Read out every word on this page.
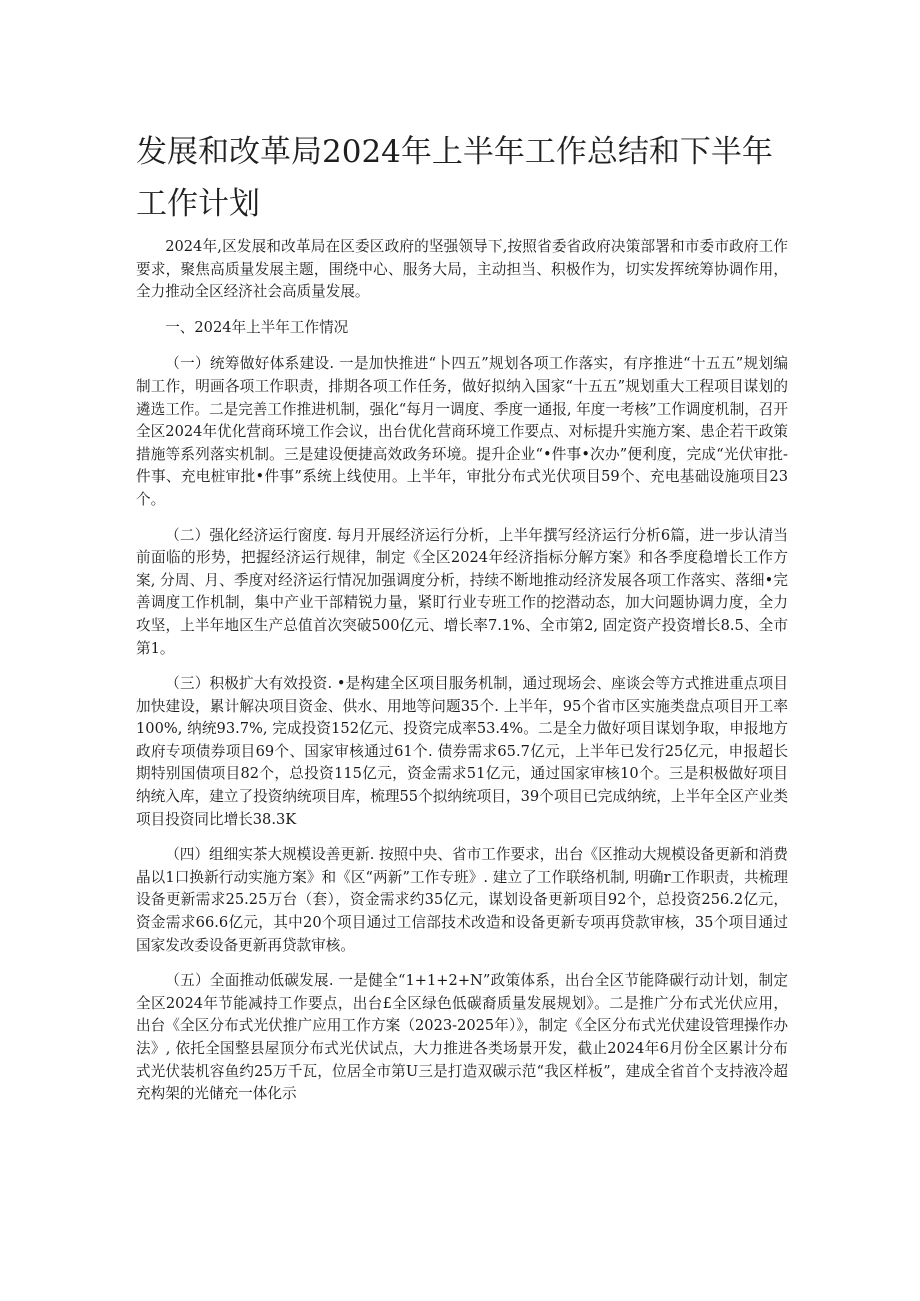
发展和改革局2024年上半年工作总结和下半年工作计划

2024年,区发展和改革局在区委区政府的坚强领导下,按照省委省政府决策部署和市委市政府工作要求，聚焦高质量发展主题，围绕中心、服务大局，主动担当、积极作为，切实发挥统筹协调作用，全力推动全区经济社会高质量发展。

一、2024年上半年工作情况

（一）统筹做好体系建设. 一是加快推进“卜四五”规划各项工作落实，有序推进“十五五”规划编制工作，明画各项工作职责，排期各项工作任务，做好拟纳入国家“十五五”规划重大工程项目谋划的遴选工作。二是完善工作推进机制，强化“每月一调度、季度一通报, 年度一考核”工作调度机制，召开全区2024年优化营商环境工作会议，出台优化营商环境工作要点、对标提升实施方案、患企若干政策措施等系列落实机制。三是建设便捷高效政务环境。提升企业“•件事•次办”便利度，完成“光伏审批-件事、充电桩审批•件事”系统上线使用。上半年，审批分布式光伏项目59个、充电基础设施项目23个。

（二）强化经济运行窗度. 每月开展经济运行分析，上半年撰写经济运行分析6篇，进一步认清当前面临的形势，把握经济运行规律，制定《全区2024年经济指标分解方案》和各季度稳增长工作方案, 分周、月、季度对经济运行情况加强调度分析，持续不断地推动经济发展各项工作落实、落细•完善调度工作机制，集中产业干部精锐力量，紧盯行业专班工作的挖潜动态，加大问题协调力度，全力攻坚，上半年地区生产总值首次突破500亿元、增长率7.1%、全市第2, 固定资产投资增长8.5、全市第1。

（三）积极扩大有效投资. •是构建全区项目服务机制，通过现场会、座谈会等方式推进重点项目加快建设，累计解决项目资金、供水、用地等问题35个. 上半年，95个省市区实施类盘点项目开工率100%, 纳统93.7%, 完成投资152亿元、投资完成率53.4%。二是全力做好项目谋划争取，申报地方政府专项债券项目69个、国家审核通过61个. 债券需求65.7亿元，上半年已发行25亿元，申报超长期特别国债项目82个，总投资115亿元，资金需求51亿元，通过国家审核10个。三是积极做好项目纳统入库，建立了投资纳统项目库，梳理55个拟纳统项目，39个项目已完成纳统，上半年全区产业类项目投资同比增长38.3K

（四）组细实茶大规模设善更新. 按照中央、省市工作要求，出台《区推动大规模设备更新和消费晶以1口换新行动实施方案》和《区“两新”工作专班》. 建立了工作联络机制, 明确r工作职责，共梳理设备更新需求25.25万台（套），资金需求约35亿元，谋划设备更新项目92个，总投资256.2亿元，资金需求66.6亿元，其中20个项目通过工信部技术改造和设备更新专项再贷款审核，35个项目通过国家发改委设备更新再贷款审核。

（五）全面推动低碳发展. 一是健全“1+1+2+N”政策体系，出台全区节能降碳行动计划，制定全区2024年节能减持工作要点，出台£全区绿色低碳裔质量发展规划》。二是推广分布式光伏应用，出台《全区分布式光伏推广应用工作方案（2023-2025年）》，制定《全区分布式光伏建设管理操作办法》, 依托全国整县屋顶分布式光伏试点，大力推进各类场景开发，截止2024年6月份全区累计分布式光伏装机容鱼约25万千瓦，位居全市第U三是打造双碳示范“我区样板”，建成全省首个支持液冷超充构架的光储充一体化示
